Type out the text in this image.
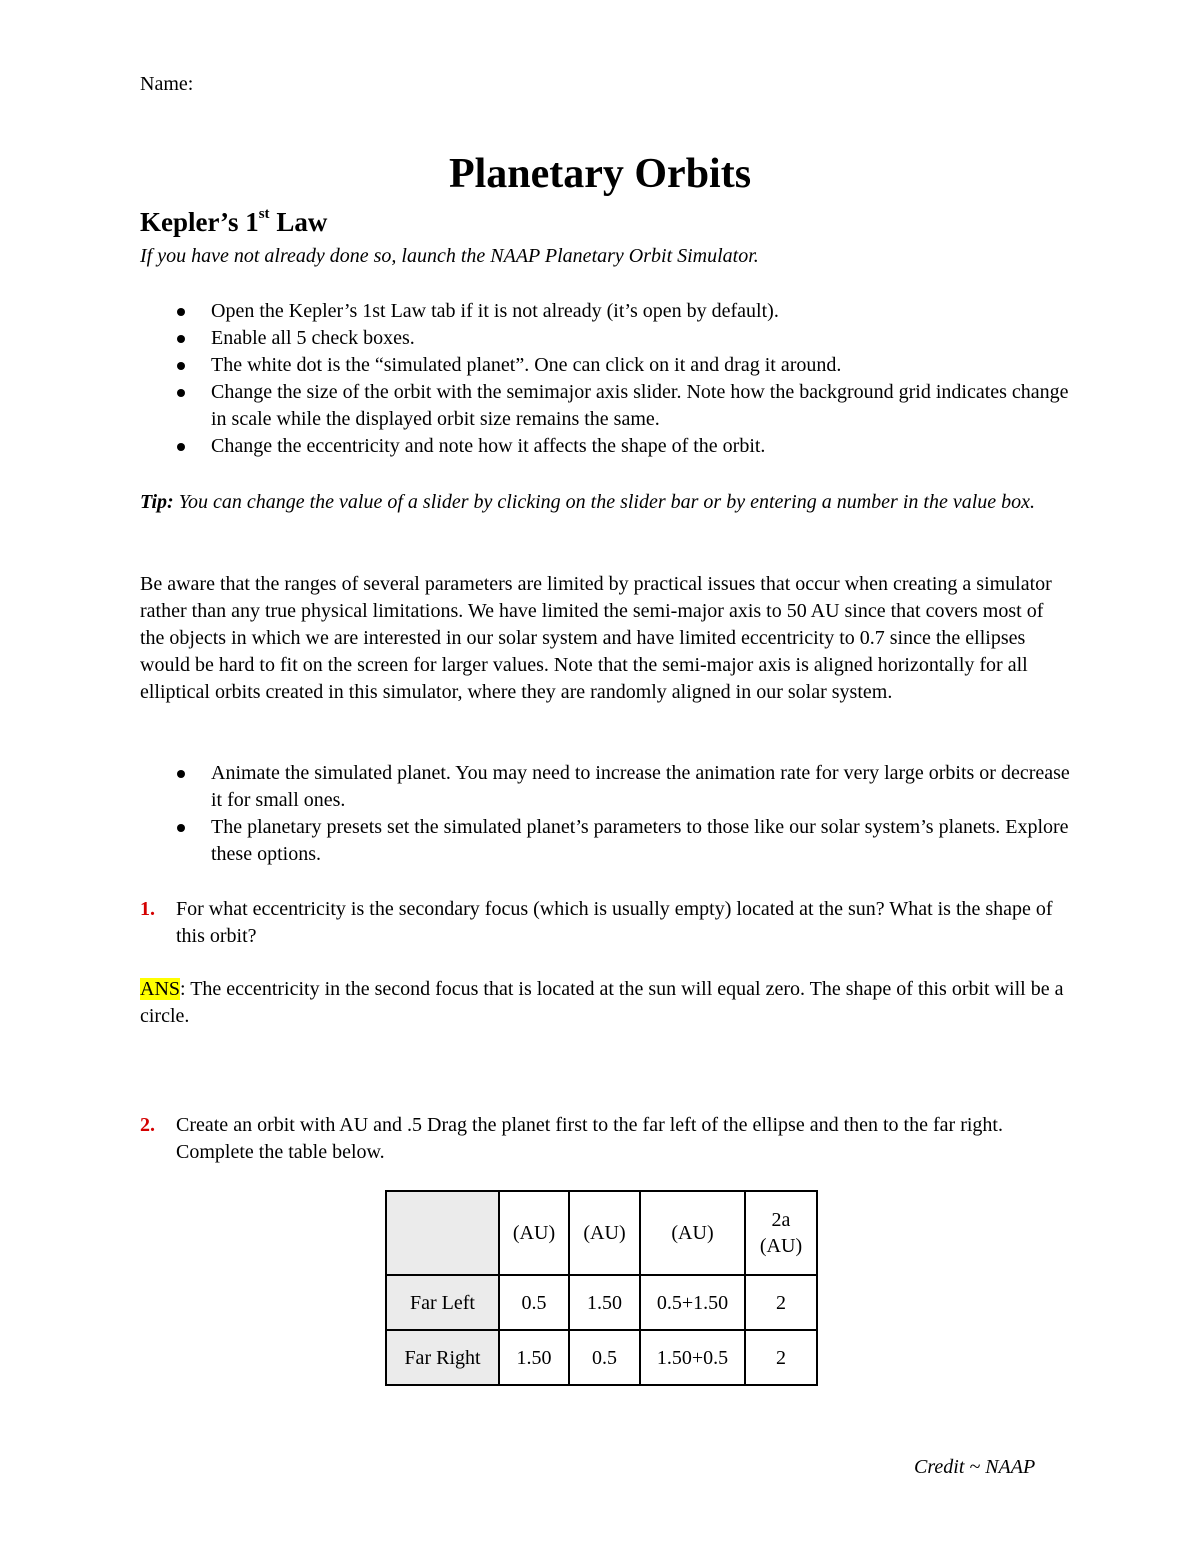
Name:
Planetary Orbits
Kepler’s 1st Law
If you have not already done so, launch the NAAP Planetary Orbit Simulator.
Open the Kepler’s 1st Law tab if it is not already (it’s open by default).
Enable all 5 check boxes.
The white dot is the “simulated planet”. One can click on it and drag it around.
Change the size of the orbit with the semimajor axis slider. Note how the background grid indicates change in scale while the displayed orbit size remains the same.
Change the eccentricity and note how it affects the shape of the orbit.
Tip: You can change the value of a slider by clicking on the slider bar or by entering a number in the value box.
Be aware that the ranges of several parameters are limited by practical issues that occur when creating a simulator rather than any true physical limitations. We have limited the semi-major axis to 50 AU since that covers most of the objects in which we are interested in our solar system and have limited eccentricity to 0.7 since the ellipses would be hard to fit on the screen for larger values. Note that the semi-major axis is aligned horizontally for all elliptical orbits created in this simulator, where they are randomly aligned in our solar system.
Animate the simulated planet. You may need to increase the animation rate for very large orbits or decrease it for small ones.
The planetary presets set the simulated planet’s parameters to those like our solar system’s planets. Explore these options.
1.	For what eccentricity is the secondary focus (which is usually empty) located at the sun? What is the shape of this orbit?
ANS: The eccentricity in the second focus that is located at the sun will equal zero. The shape of this orbit will be a circle.
2.	Create an orbit with AU and .5 Drag the planet first to the far left of the ellipse and then to the far right. Complete the table below.
	(AU)	(AU)	(AU)	2a (AU)
Far Left	0.5	1.50	0.5+1.50	2
Far Right	1.50	0.5	1.50+0.5	2
Credit ~ NAAP
